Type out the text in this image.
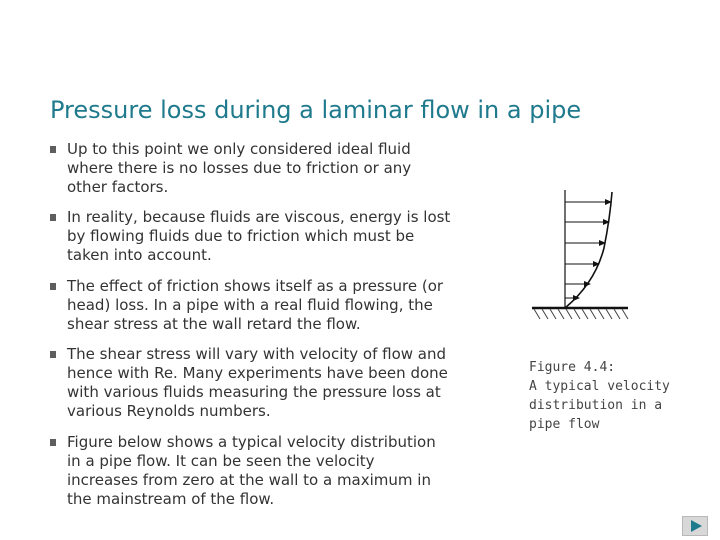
Pressure loss during a laminar flow in a pipe
Up to this point we only considered ideal fluid
where there is no losses due to friction or any
other factors.
In reality, because fluids are viscous, energy is lost
by flowing fluids due to friction which must be
taken into account.
The effect of friction shows itself as a pressure (or
head) loss. In a pipe with a real fluid flowing, the
shear stress at the wall retard the flow.
The shear stress will vary with velocity of flow and
hence with Re. Many experiments have been done
with various fluids measuring the pressure loss at
various Reynolds numbers.
Figure below shows a typical velocity distribution
in a pipe flow. It can be seen the velocity
increases from zero at the wall to a maximum in
the mainstream of the flow.
Figure 4.4:
A typical velocity
distribution in a
pipe flow
